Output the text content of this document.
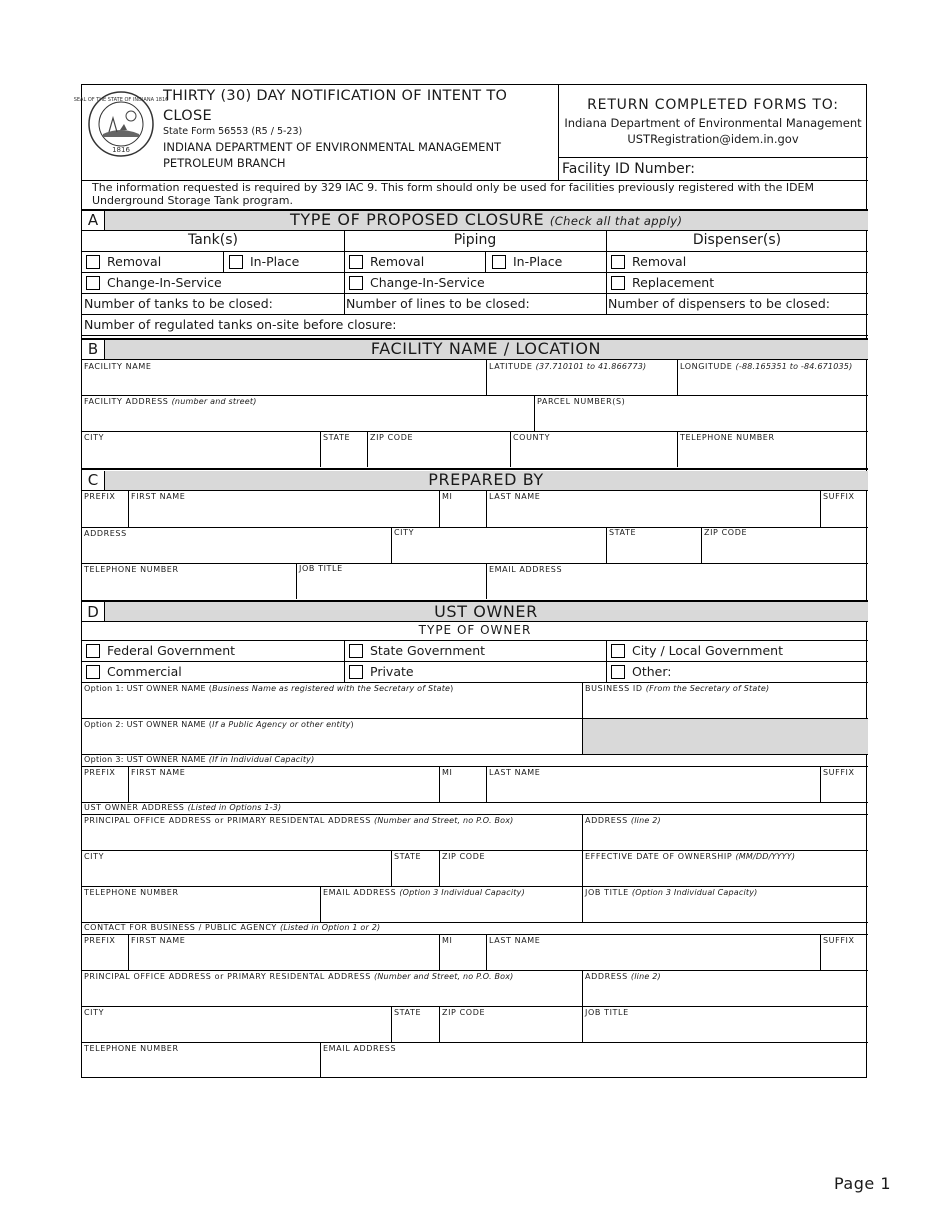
1816
SEAL OF THE STATE OF INDIANA 1816
THIRTY (30) DAY NOTIFICATION OF INTENT TO
CLOSE
State Form 56553 (R5 / 5-23)
INDIANA DEPARTMENT OF ENVIRONMENTAL MANAGEMENT
PETROLEUM BRANCH
RETURN COMPLETED FORMS TO:
Indiana Department of Environmental Management
USTRegistration@idem.in.gov
Facility ID Number:
The information requested is required by 329 IAC 9. This form should only be used for facilities previously registered with the IDEM Underground Storage Tank program.
A	TYPE OF PROPOSED CLOSURE (Check all that apply)
Tank(s)	Piping	Dispenser(s)
Removal	In-Place	Removal	In-Place	Removal
Change-In-Service	Change-In-Service	Replacement
Number of tanks to be closed:	Number of lines to be closed:	Number of dispensers to be closed:
Number of regulated tanks on-site before closure:
B	FACILITY NAME / LOCATION
FACILITY NAME	LATITUDE (37.710101 to 41.866773)	LONGITUDE (-88.165351 to -84.671035)
FACILITY ADDRESS (number and street)	PARCEL NUMBER(S)
CITY	STATE ZIP CODE	COUNTY	TELEPHONE NUMBER
C	PREPARED BY
PREFIX FIRST NAME	MI	LAST NAME	SUFFIX
ADDRESS	CITY	STATE	ZIP CODE
TELEPHONE NUMBER	JOB TITLE	EMAIL ADDRESS
D	UST OWNER
TYPE OF OWNER
Federal Government	State Government	City / Local Government
Commercial	Private	Other:
Option 1: UST OWNER NAME (Business Name as registered with the Secretary of State)	BUSINESS ID (From the Secretary of State)
Option 2: UST OWNER NAME (If a Public Agency or other entity)
Option 3: UST OWNER NAME (If in Individual Capacity)
PREFIX FIRST NAME	MI	LAST NAME	SUFFIX
UST OWNER ADDRESS (Listed in Options 1-3)
PRINCIPAL OFFICE ADDRESS or PRIMARY RESIDENTAL ADDRESS (Number and Street, no P.O. Box)	ADDRESS (line 2)
CITY	STATE	ZIP CODE	EFFECTIVE DATE OF OWNERSHIP (MM/DD/YYYY)
TELEPHONE NUMBER	EMAIL ADDRESS (Option 3 Individual Capacity)	JOB TITLE (Option 3 Individual Capacity)
CONTACT FOR BUSINESS / PUBLIC AGENCY (Listed in Option 1 or 2)
PREFIX FIRST NAME	MI	LAST NAME	SUFFIX
PRINCIPAL OFFICE ADDRESS or PRIMARY RESIDENTAL ADDRESS (Number and Street, no P.O. Box)	ADDRESS (line 2)
CITY	STATE	ZIP CODE	JOB TITLE
TELEPHONE NUMBER	EMAIL ADDRESS
Page 1
